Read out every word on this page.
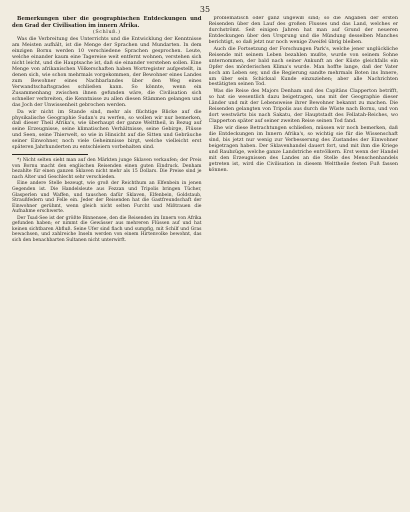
35

Bemerkungen über die geographischen Entdeckungen und den Grad der Civilisation im innern Afrika.

(Schluß.)

Was die Verbreitung des Unterrichts und die Entwicklung der Kenntnisse am Meisten aufhält, ist die Menge der Sprachen und Mundarten. In dem einzigen Bornu werden 10 verschiedene Sprachen gesprochen. Leute, welche einander kaum eine Tagereise weit entfernt wohnen, verstehen sich nicht leicht, und die Hauptsache ist, daß sie einander verstehen sollen. Eine Menge von afrikanischen Völkerschaften haben Wortregister aufgestellt, in denen sich, wie schon mehrmals vorgekommen, der Bewohner eines Landes zum Bewohner eines Nachbarlandes über den Weg eines Verwandtschaftsgrades schließen kann. So könnte, wenn ein Zusammenhang zwischen ihnen gefunden wäre, die Civilisation sich schneller verbreiten, die Kenntnisse zu allen diesen Stämmen gelangen und das Joch der Unwissenheit gebrochen werden.

Da wir nicht im Stande sind, mehr als flüchtige Blicke auf die physikalische Geographie Sudan's zu werfen, so wollen wir nur bemerken, daß dieser Theil Afrika's, wie überhaupt der ganze Welttheil, in Bezug auf seine Erzeugnisse, seine klimatischen Verhältnisse, seine Gebirge, Flüsse und Seen, seine Thierwelt, so wie in Hinsicht auf die Sitten und Gebräuche seiner Einwohner, noch viele Geheimnisse birgt, welche vielleicht erst späteren Jahrhunderten zu entschleiern vorbehalten sind.

*) Nicht selten sieht man auf den Märkten junge Sklaven verkaufen; der Preis von Bornu macht den englischen Reisenden einen guten Eindruck. Denham bezahlte für einen ganzen Sklaven nicht mehr als 15 Dollars. Die Preise sind je nach Alter und Geschlecht sehr verschieden.

Eine andere Stelle bezeugt, wie groß der Reichthum an Elfenbein in jenen Gegenden ist. Die Handelsleute aus Fezzan und Tripolis bringen Tücher, Glasperlen und Waffen, und tauschen dafür Sklaven, Elfenbein, Goldstaub, Straußfedern und Felle ein. Jeder der Reisenden hat die Gastfreundschaft der Einwohner gerühmt, wenn gleich nicht selten Furcht und Mißtrauen die Aufnahme erschwerte.

Der Tsad-See ist der größte Binnensee, den die Reisenden im Innern von Afrika gefunden haben; er nimmt die Gewässer aus mehreren Flüssen auf und hat keinen sichtbaren Abfluß. Seine Ufer sind flach und sumpfig, mit Schilf und Gras bewachsen, und zahlreiche Inseln werden von einem Hirtenvolke bewohnt, das sich den benachbarten Sultanen nicht unterwirft.

problematisch oder ganz ungewiß sind; so die Angaben der ersten Reisenden über den Lauf des großen Flusses und das Land, welches er durchströmt. Seit einigen Jahren hat man auf Grund der neueren Entdeckungen über den Ursprung und die Mündung desselben Manches berichtigt, so daß jetzt nur noch wenige Zweifel übrig bleiben.

Auch die Fortsetzung der Forschungen Park's, welche jener unglückliche Reisende mit seinem Leben bezahlen mußte, wurde von seinem Sohne unternommen, der bald nach seiner Ankunft an der Küste gleichfalls ein Opfer des mörderischen Klima's wurde. Man hoffte lange, daß der Vater noch am Leben sey, und die Regierung sandte mehrmals Boten ins Innere, um über sein Schicksal Kunde einzuziehen; aber alle Nachrichten bestätigten seinen Tod.

Was die Reise des Majors Denham und des Capitäns Clapperton betrifft, so hat sie wesentlich dazu beigetragen, uns mit der Geographie dieser Länder und mit der Lebensweise ihrer Bewohner bekannt zu machen. Die Reisenden gelangten von Tripolis aus durch die Wüste nach Bornu, und von dort westwärts bis nach Sakatu, der Hauptstadt des Fellatah-Reiches, wo Clapperton später auf seiner zweiten Reise seinen Tod fand.

Ehe wir diese Betrachtungen schließen, müssen wir noch bemerken, daß die Entdeckungen im Innern Afrika's, so wichtig sie für die Wissenschaft sind, bis jetzt nur wenig zur Verbesserung des Zustandes der Einwohner beigetragen haben. Der Sklavenhandel dauert fort, und mit ihm die Kriege und Raubzüge, welche ganze Landstriche entvölkern. Erst wenn der Handel mit den Erzeugnissen des Landes an die Stelle des Menschenhandels getreten ist, wird die Civilisation in diesem Welttheile festen Fuß fassen können.
